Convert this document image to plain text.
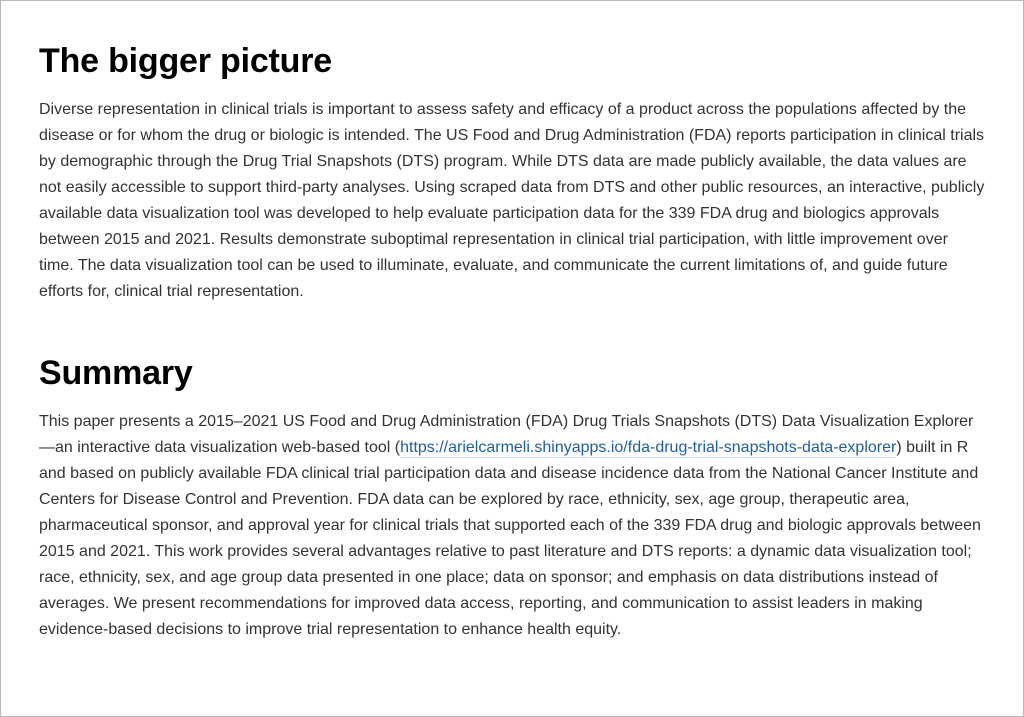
The bigger picture

Diverse representation in clinical trials is important to assess safety and efficacy of a product across the populations affected by the disease or for whom the drug or biologic is intended. The US Food and Drug Administration (FDA) reports participation in clinical trials by demographic through the Drug Trial Snapshots (DTS) program. While DTS data are made publicly available, the data values are not easily accessible to support third-party analyses. Using scraped data from DTS and other public resources, an interactive, publicly available data visualization tool was developed to help evaluate participation data for the 339 FDA drug and biologics approvals between 2015 and 2021. Results demonstrate suboptimal representation in clinical trial participation, with little improvement over time. The data visualization tool can be used to illuminate, evaluate, and communicate the current limitations of, and guide future efforts for, clinical trial representation.

Summary

This paper presents a 2015–2021 US Food and Drug Administration (FDA) Drug Trials Snapshots (DTS) Data Visualization Explorer—an interactive data visualization web-based tool (https://arielcarmeli.shinyapps.io/fda-drug-trial-snapshots-data-explorer) built in R and based on publicly available FDA clinical trial participation data and disease incidence data from the National Cancer Institute and Centers for Disease Control and Prevention. FDA data can be explored by race, ethnicity, sex, age group, therapeutic area, pharmaceutical sponsor, and approval year for clinical trials that supported each of the 339 FDA drug and biologic approvals between 2015 and 2021. This work provides several advantages relative to past literature and DTS reports: a dynamic data visualization tool; race, ethnicity, sex, and age group data presented in one place; data on sponsor; and emphasis on data distributions instead of averages. We present recommendations for improved data access, reporting, and communication to assist leaders in making evidence-based decisions to improve trial representation to enhance health equity.
